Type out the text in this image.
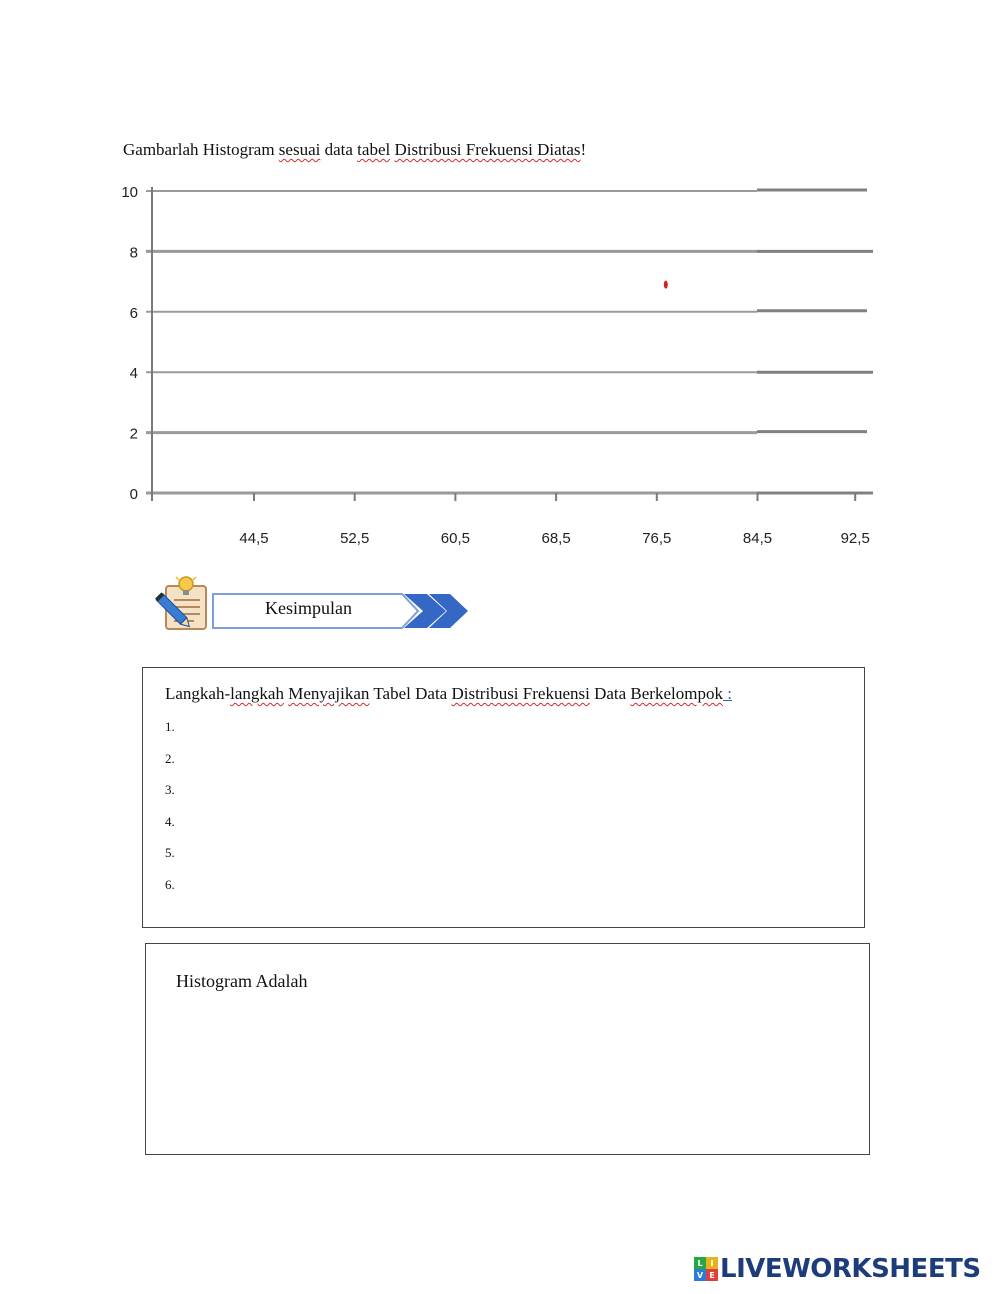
Gambarlah Histogram sesuai data tabel Distribusi Frekuensi Diatas!
0
2
4
6
8
10
44,5	52,5	60,5	68,5	76,5	84,5	92,5
Kesimpulan
Langkah-langkah Menyajikan Tabel Data Distribusi Frekuensi Data Berkelompok :
1.
2.
3.
4.
5.
6.
Histogram Adalah
L I
V E LIVEWORKSHEETS
